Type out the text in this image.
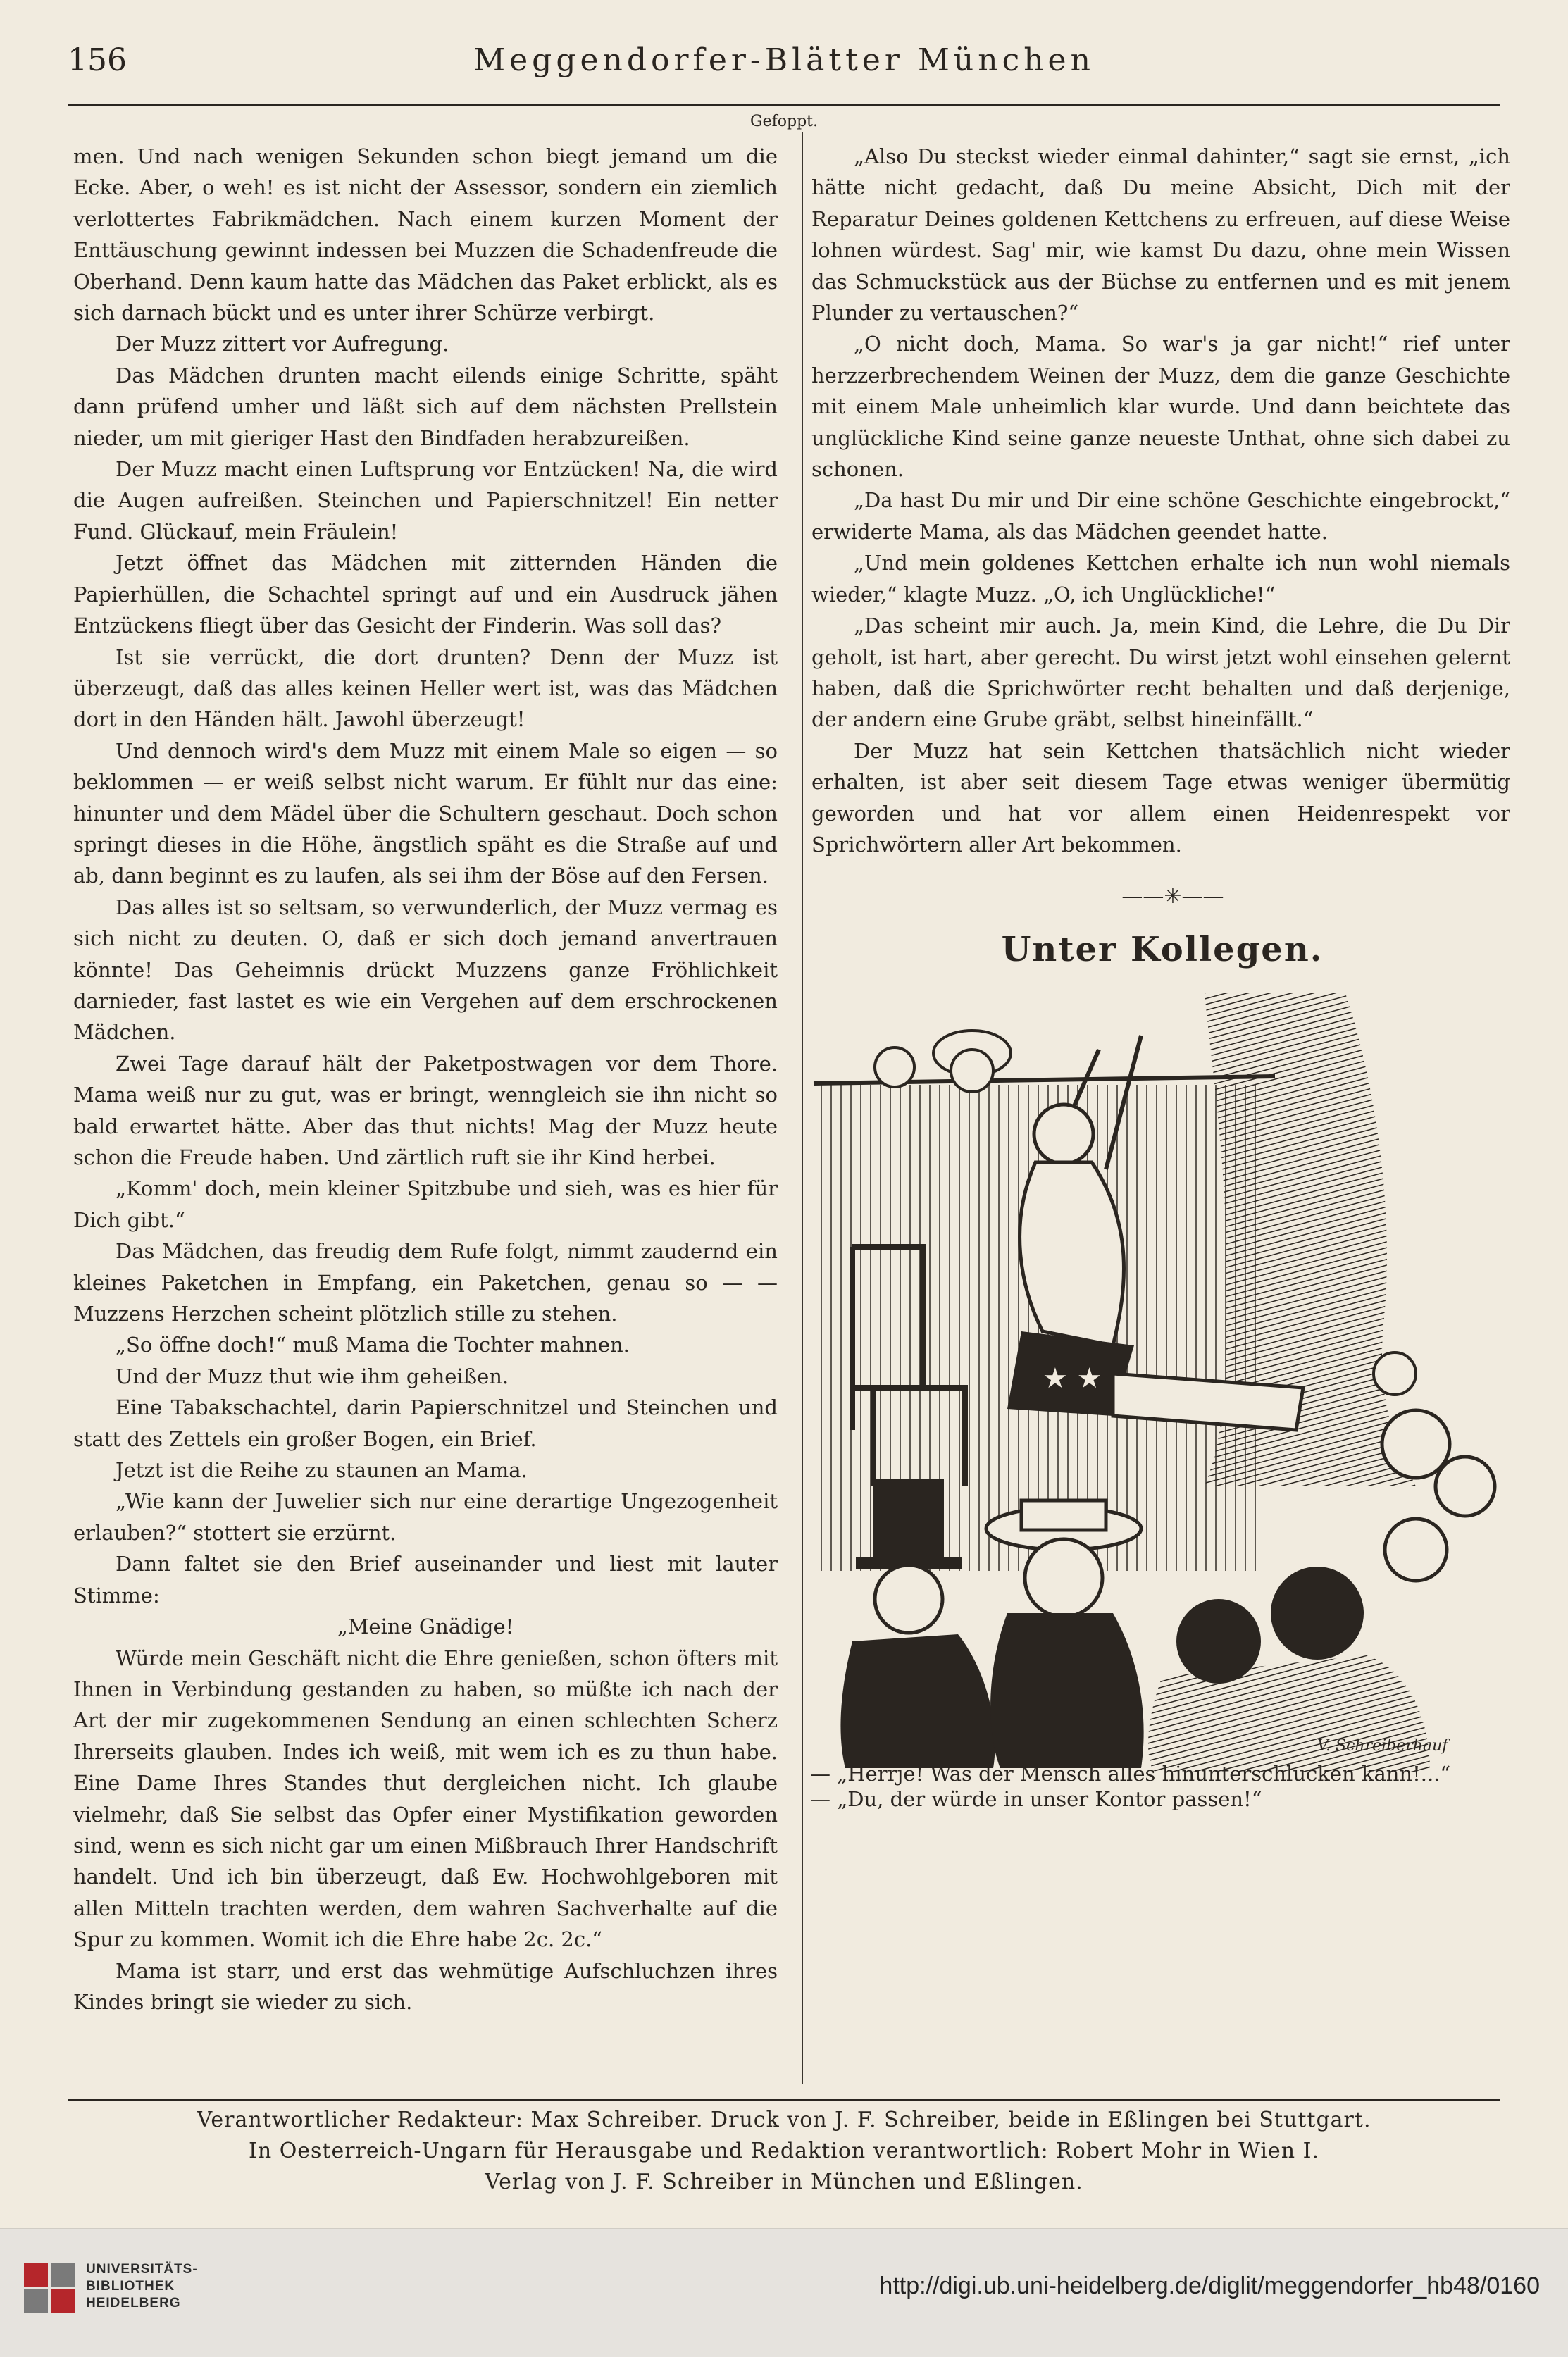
156	Meggendorfer-Blätter München
Gefoppt.

men. Und nach wenigen Sekunden schon biegt jemand um die Ecke. Aber, o weh! es ist nicht der Assessor, sondern ein ziemlich verlottertes Fabrikmädchen. Nach einem kurzen Moment der Enttäuschung gewinnt indessen bei Muzzen die Schadenfreude die Oberhand. Denn kaum hatte das Mädchen das Paket erblickt, als es sich darnach bückt und es unter ihrer Schürze verbirgt.

Der Muzz zittert vor Aufregung.

Das Mädchen drunten macht eilends einige Schritte, späht dann prüfend umher und läßt sich auf dem nächsten Prellstein nieder, um mit gieriger Hast den Bindfaden herabzureißen.

Der Muzz macht einen Luftsprung vor Entzücken! Na, die wird die Augen aufreißen. Steinchen und Papierschnitzel! Ein netter Fund. Glückauf, mein Fräulein!

Jetzt öffnet das Mädchen mit zitternden Händen die Papierhüllen, die Schachtel springt auf und ein Ausdruck jähen Entzückens fliegt über das Gesicht der Finderin. Was soll das?

Ist sie verrückt, die dort drunten? Denn der Muzz ist überzeugt, daß das alles keinen Heller wert ist, was das Mädchen dort in den Händen hält. Jawohl überzeugt!

Und dennoch wird's dem Muzz mit einem Male so eigen — so beklommen — er weiß selbst nicht warum. Er fühlt nur das eine: hinunter und dem Mädel über die Schultern geschaut. Doch schon springt dieses in die Höhe, ängstlich späht es die Straße auf und ab, dann beginnt es zu laufen, als sei ihm der Böse auf den Fersen.

Das alles ist so seltsam, so verwunderlich, der Muzz vermag es sich nicht zu deuten. O, daß er sich doch jemand anvertrauen könnte! Das Geheimnis drückt Muzzens ganze Fröhlichkeit darnieder, fast lastet es wie ein Vergehen auf dem erschrockenen Mädchen.

Zwei Tage darauf hält der Paketpostwagen vor dem Thore. Mama weiß nur zu gut, was er bringt, wenngleich sie ihn nicht so bald erwartet hätte. Aber das thut nichts! Mag der Muzz heute schon die Freude haben. Und zärtlich ruft sie ihr Kind herbei.

„Komm' doch, mein kleiner Spitzbube und sieh, was es hier für Dich gibt.“

Das Mädchen, das freudig dem Rufe folgt, nimmt zaudernd ein kleines Paketchen in Empfang, ein Paketchen, genau so — — Muzzens Herzchen scheint plötzlich stille zu stehen.

„So öffne doch!“ muß Mama die Tochter mahnen.

Und der Muzz thut wie ihm geheißen.

Eine Tabakschachtel, darin Papierschnitzel und Steinchen und statt des Zettels ein großer Bogen, ein Brief.

Jetzt ist die Reihe zu staunen an Mama.

„Wie kann der Juwelier sich nur eine derartige Ungezogenheit erlauben?“ stottert sie erzürnt.

Dann faltet sie den Brief auseinander und liest mit lauter Stimme:

„Meine Gnädige!

Würde mein Geschäft nicht die Ehre genießen, schon öfters mit Ihnen in Verbindung gestanden zu haben, so müßte ich nach der Art der mir zugekommenen Sendung an einen schlechten Scherz Ihrerseits glauben. Indes ich weiß, mit wem ich es zu thun habe. Eine Dame Ihres Standes thut dergleichen nicht. Ich glaube vielmehr, daß Sie selbst das Opfer einer Mystifikation geworden sind, wenn es sich nicht gar um einen Mißbrauch Ihrer Handschrift handelt. Und ich bin überzeugt, daß Ew. Hochwohlgeboren mit allen Mitteln trachten werden, dem wahren Sachverhalte auf die Spur zu kommen. Womit ich die Ehre habe 2c. 2c.“

Mama ist starr, und erst das wehmütige Aufschluchzen ihres Kindes bringt sie wieder zu sich.

„Also Du steckst wieder einmal dahinter,“ sagt sie ernst, „ich hätte nicht gedacht, daß Du meine Absicht, Dich mit der Reparatur Deines goldenen Kettchens zu erfreuen, auf diese Weise lohnen würdest. Sag' mir, wie kamst Du dazu, ohne mein Wissen das Schmuckstück aus der Büchse zu entfernen und es mit jenem Plunder zu vertauschen?“

„O nicht doch, Mama. So war's ja gar nicht!“ rief unter herzzerbrechendem Weinen der Muzz, dem die ganze Geschichte mit einem Male unheimlich klar wurde. Und dann beichtete das unglückliche Kind seine ganze neueste Unthat, ohne sich dabei zu schonen.

„Da hast Du mir und Dir eine schöne Geschichte eingebrockt,“ erwiderte Mama, als das Mädchen geendet hatte.

„Und mein goldenes Kettchen erhalte ich nun wohl niemals wieder,“ klagte Muzz. „O, ich Unglückliche!“

„Das scheint mir auch. Ja, mein Kind, die Lehre, die Du Dir geholt, ist hart, aber gerecht. Du wirst jetzt wohl einsehen gelernt haben, daß die Sprichwörter recht behalten und daß derjenige, der andern eine Grube gräbt, selbst hineinfällt.“

Der Muzz hat sein Kettchen thatsächlich nicht wieder erhalten, ist aber seit diesem Tage etwas weniger übermütig geworden und hat vor allem einen Heidenrespekt vor Sprichwörtern aller Art bekommen.

——✳——
Unter Kollegen.
★ ★
V. Schreiberhauf
— „Herrje! Was der Mensch alles hinunterschlucken kann!...“
— „Du, der würde in unser Kontor passen!“
Verantwortlicher Redakteur: Max Schreiber. Druck von J. F. Schreiber, beide in Eßlingen bei Stuttgart.
In Oesterreich-Ungarn für Herausgabe und Redaktion verantwortlich: Robert Mohr in Wien I.
Verlag von J. F. Schreiber in München und Eßlingen.
UNIVERSITÄTS-
BIBLIOTHEK
HEIDELBERG
http://digi.ub.uni-heidelberg.de/diglit/meggendorfer_hb48/0160
